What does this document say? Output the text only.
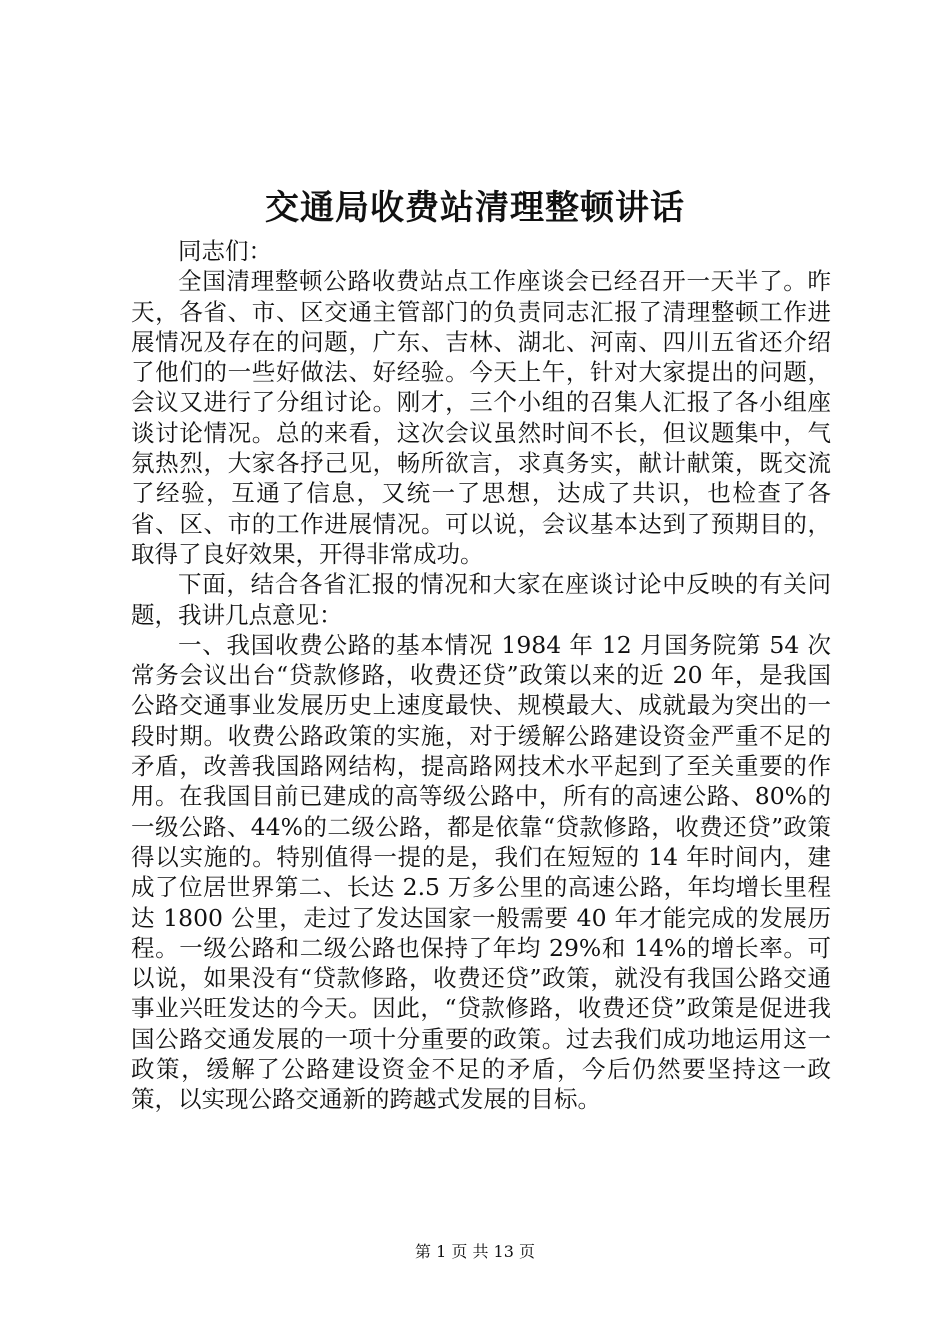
交通局收费站清理整顿讲话

同志们：

全国清理整顿公路收费站点工作座谈会已经召开一天半了。昨天，各省、市、区交通主管部门的负责同志汇报了清理整顿工作进展情况及存在的问题，广东、吉林、湖北、河南、四川五省还介绍了他们的一些好做法、好经验。今天上午，针对大家提出的问题，会议又进行了分组讨论。刚才，三个小组的召集人汇报了各小组座谈讨论情况。总的来看，这次会议虽然时间不长，但议题集中，气氛热烈，大家各抒己见，畅所欲言，求真务实，献计献策，既交流了经验，互通了信息，又统一了思想，达成了共识，也检查了各省、区、市的工作进展情况。可以说，会议基本达到了预期目的，取得了良好效果，开得非常成功。

下面，结合各省汇报的情况和大家在座谈讨论中反映的有关问题，我讲几点意见：

一、我国收费公路的基本情况 1984 年 12 月国务院第 54 次常务会议出台“贷款修路，收费还贷”政策以来的近 20 年，是我国公路交通事业发展历史上速度最快、规模最大、成就最为突出的一段时期。收费公路政策的实施，对于缓解公路建设资金严重不足的矛盾，改善我国路网结构，提高路网技术水平起到了至关重要的作用。在我国目前已建成的高等级公路中，所有的高速公路、80%的一级公路、44%的二级公路，都是依靠“贷款修路，收费还贷”政策得以实施的。特别值得一提的是，我们在短短的 14 年时间内，建成了位居世界第二、长达 2.5 万多公里的高速公路，年均增长里程达 1800 公里，走过了发达国家一般需要 40 年才能完成的发展历程。一级公路和二级公路也保持了年均 29%和 14%的增长率。可以说，如果没有“贷款修路，收费还贷”政策，就没有我国公路交通事业兴旺发达的今天。因此，“贷款修路，收费还贷”政策是促进我国公路交通发展的一项十分重要的政策。过去我们成功地运用这一政策，缓解了公路建设资金不足的矛盾，今后仍然要坚持这一政策，以实现公路交通新的跨越式发展的目标。

第 1 页 共 13 页
